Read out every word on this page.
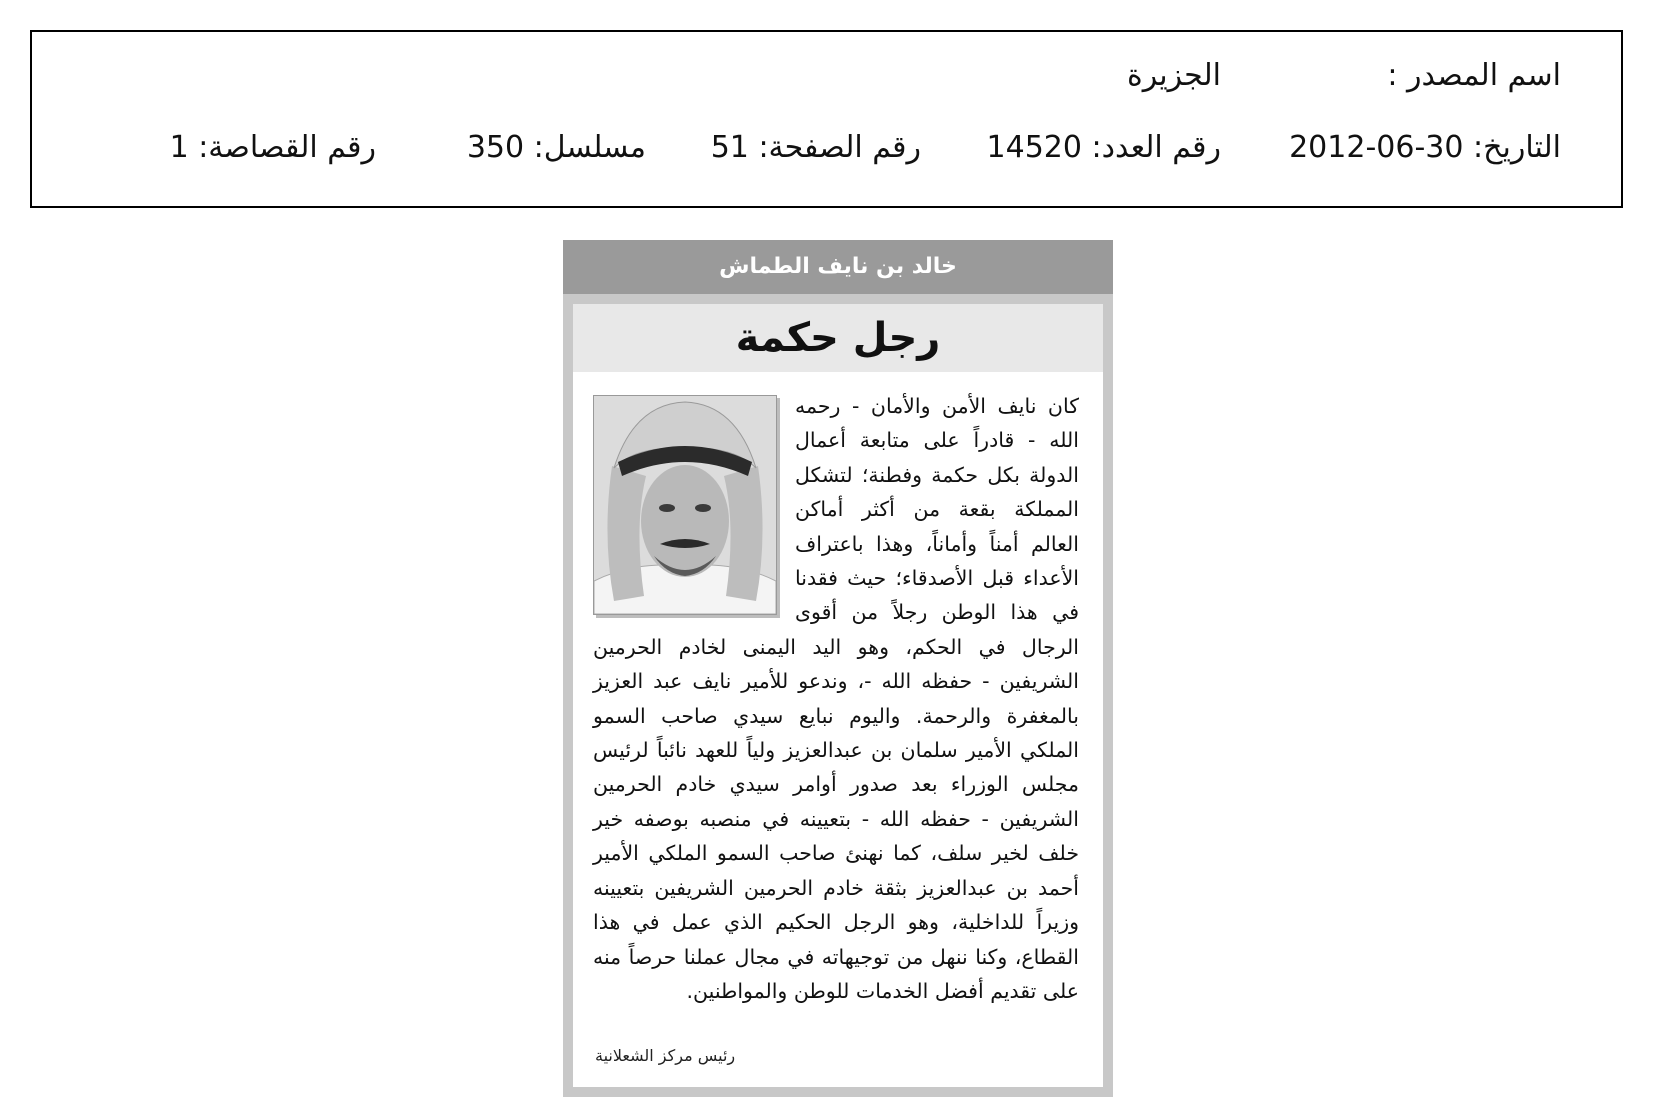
اسم المصدر :
الجزيرة
التاريخ: 30-06-2012
رقم العدد: 14520
رقم الصفحة: 51
مسلسل: 350
رقم القصاصة: 1
خالد بن نايف الطماش
رجل حكمة

كان نايف الأمن والأمان - رحمه الله - قادراً على متابعة أعمال الدولة بكل حكمة وفطنة؛ لتشكل المملكة بقعة من أكثر أماكن العالم أمناً وأماناً، وهذا باعتراف الأعداء قبل الأصدقاء؛ حيث فقدنا في هذا الوطن رجلاً من أقوى الرجال في الحكم، وهو اليد اليمنى لخادم الحرمين الشريفين - حفظه الله -، وندعو للأمير نايف عبد العزيز بالمغفرة والرحمة. واليوم نبايع سيدي صاحب السمو الملكي الأمير سلمان بن عبدالعزيز ولياً للعهد نائباً لرئيس مجلس الوزراء بعد صدور أوامر سيدي خادم الحرمين الشريفين - حفظه الله - بتعيينه في منصبه بوصفه خير خلف لخير سلف، كما نهنئ صاحب السمو الملكي الأمير أحمد بن عبدالعزيز بثقة خادم الحرمين الشريفين بتعيينه وزيراً للداخلية، وهو الرجل الحكيم الذي عمل في هذا القطاع، وكنا ننهل من توجيهاته في مجال عملنا حرصاً منه على تقديم أفضل الخدمات للوطن والمواطنين.

رئيس مركز الشعلانية
